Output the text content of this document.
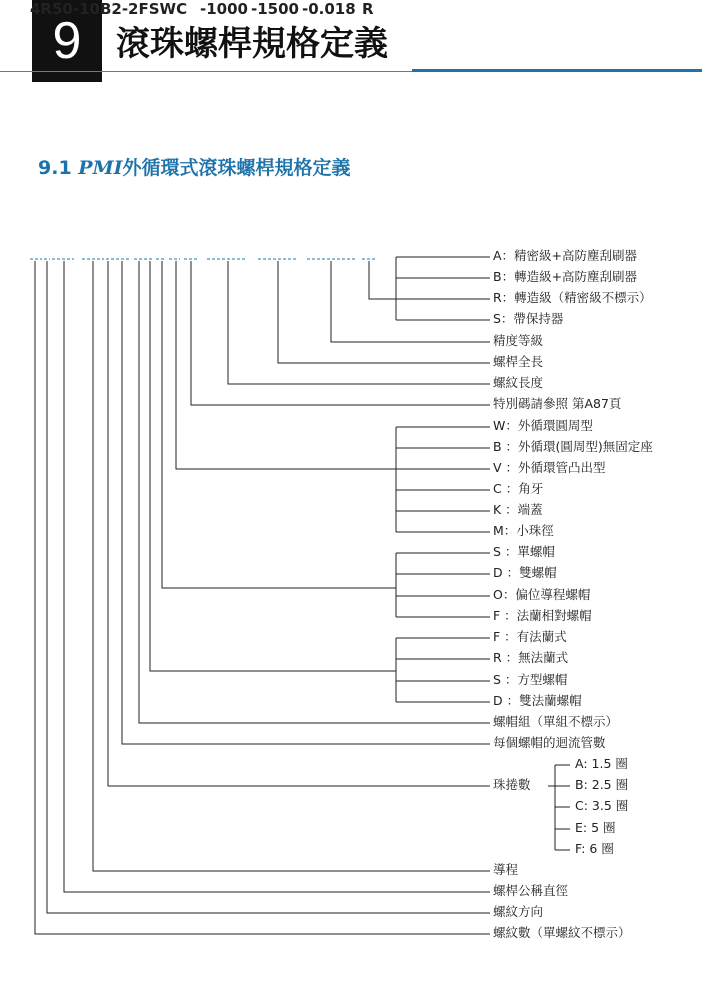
9	滾珠螺桿規格定義
9.1 PMI外循環式滾珠螺桿規格定義
4R50-10B2-2FSWC -1000 -1500 -0.018 R
A：精密級+高防塵刮刷器
B：轉造級+高防塵刮刷器
R：轉造級（精密級不標示）
S：帶保持器
精度等級
螺桿全長
螺紋長度
特別碼請參照 第A87頁
W：外循環圓周型
B ：外循環(圓周型)無固定座
V ：外循環管凸出型
C ：角牙
K ：端蓋
M：小珠徑
S ：單螺帽
D ：雙螺帽
O：偏位導程螺帽
F ：法蘭相對螺帽
F ：有法蘭式
R ：無法蘭式
S ：方型螺帽
D ：雙法蘭螺帽
螺帽組（單組不標示）
每個螺帽的迴流管數
珠捲數
A: 1.5 圈
B: 2.5 圈
C: 3.5 圈
E: 5 圈
F: 6 圈
導程
螺桿公稱直徑
螺紋方向
螺紋數（單螺紋不標示）
